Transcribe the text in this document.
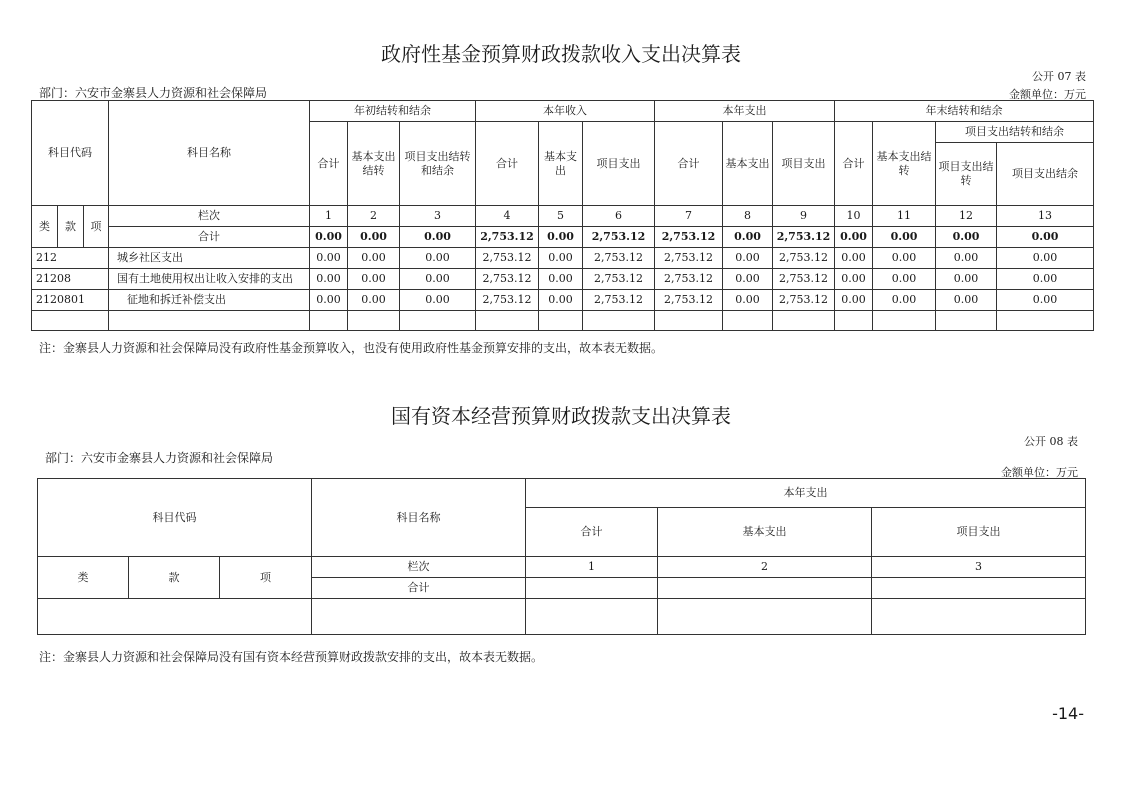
政府性基金预算财政拨款收入支出决算表
公开 07 表
部门：六安市金寨县人力资源和社会保障局	金额单位：万元
科目代码			科目名称	年初结转和结余			本年收入			本年支出			年末结转和结余			
				合计	基本支出结转	项目支出结转和结余	合计	基本支出	项目支出	合计	基本支出	项目支出	合计	基本支出结转	项目支出结转和结余	
															项目支出结转	项目支出结余

类	款	项	栏次	1	2	3	4	5	6	7	8	9	10	11	12	13
			合计	0.00	0.00	0.00	2,753.12	0.00	2,753.12	2,753.12	0.00	2,753.12	0.00	0.00	0.00	0.00
212			城乡社区支出	0.00	0.00	0.00	2,753.12	0.00	2,753.12	2,753.12	0.00	2,753.12	0.00	0.00	0.00	0.00
21208			国有土地使用权出让收入安排的支出	0.00	0.00	0.00	2,753.12	0.00	2,753.12	2,753.12	0.00	2,753.12	0.00	0.00	0.00	0.00
2120801			征地和拆迁补偿支出	0.00	0.00	0.00	2,753.12	0.00	2,753.12	2,753.12	0.00	2,753.12	0.00	0.00	0.00	0.00

注：金寨县人力资源和社会保障局没有政府性基金预算收入，也没有使用政府性基金预算安排的支出，故本表无数据。
国有资本经营预算财政拨款支出决算表
公开 08 表
部门：六安市金寨县人力资源和社会保障局
金额单位：万元
科目代码			科目名称	本年支出		
				合计	基本支出	项目支出
类	款	项	栏次	1	2	3
			合计			

注：金寨县人力资源和社会保障局没有国有资本经营预算财政拨款安排的支出，故本表无数据。
-14-
